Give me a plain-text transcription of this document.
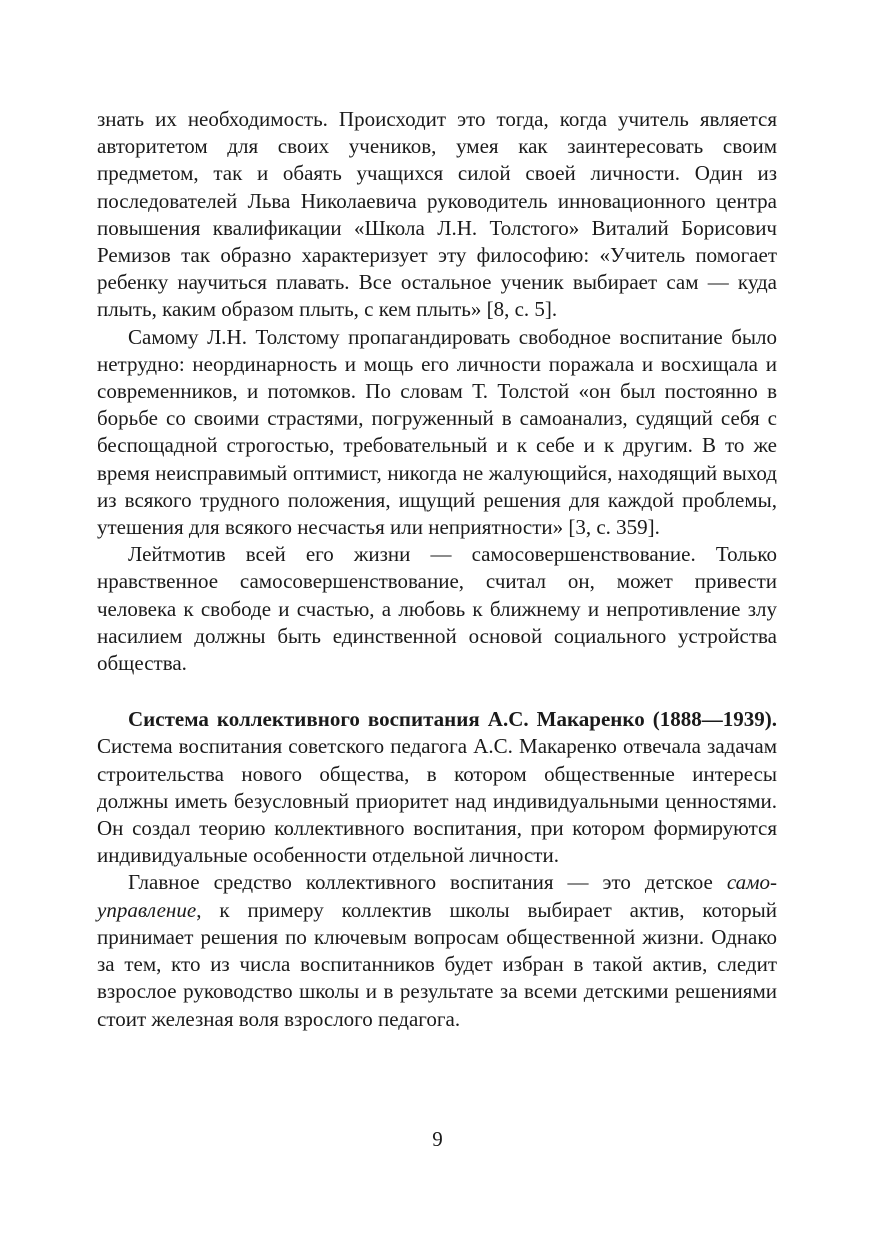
знать их необходимость. Происходит это тогда, когда учитель является авторитетом для своих учеников, умея как заинтересовать своим предметом, так и обаять учащихся силой своей личности. Один из последователей Льва Николаевича руководитель инновационного центра повышения квалификации «Школа Л.Н. Толстого» Виталий Борисович Ремизов так образно характеризует эту философию: «Учитель помогает ребенку научиться плавать. Все остальное ученик выбирает сам — куда плыть, каким образом плыть, с кем плыть» [8, с. 5].

Самому Л.Н. Толстому пропагандировать свободное воспитание было нетрудно: неординарность и мощь его личности поражала и восхищала и современников, и потомков. По словам Т. Толстой «он был постоянно в борьбе со своими страстями, погруженный в самоанализ, судящий себя с беспощадной строгостью, требовательный и к себе и к другим. В то же время неисправимый оптимист, никогда не жалующийся, находящий выход из всякого трудного положения, ищущий решения для каждой проблемы, утешения для всякого несчастья или неприятности» [3, с. 359].

Лейтмотив всей его жизни — самосовершенствование. Только нравственное самосовершенствование, считал он, может привести человека к свободе и счастью, а любовь к ближнему и непротивление злу насилием должны быть единственной основой социального устройства общества.

Система коллективного воспитания А.С. Макаренко (1888—1939). Система воспитания советского педагога А.С. Макаренко отвечала задачам строительства нового общества, в котором общественные интересы должны иметь безусловный приоритет над индивидуальными ценностями. Он создал теорию коллективного воспитания, при котором формируются индивидуальные особенности отдельной личности.

Главное средство коллективного воспитания — это детское самоуправление, к примеру коллектив школы выбирает актив, который принимает решения по ключевым вопросам общественной жизни. Однако за тем, кто из числа воспитанников будет избран в такой актив, следит взрослое руководство школы и в результате за всеми детскими решениями стоит железная воля взрослого педагога.

9
